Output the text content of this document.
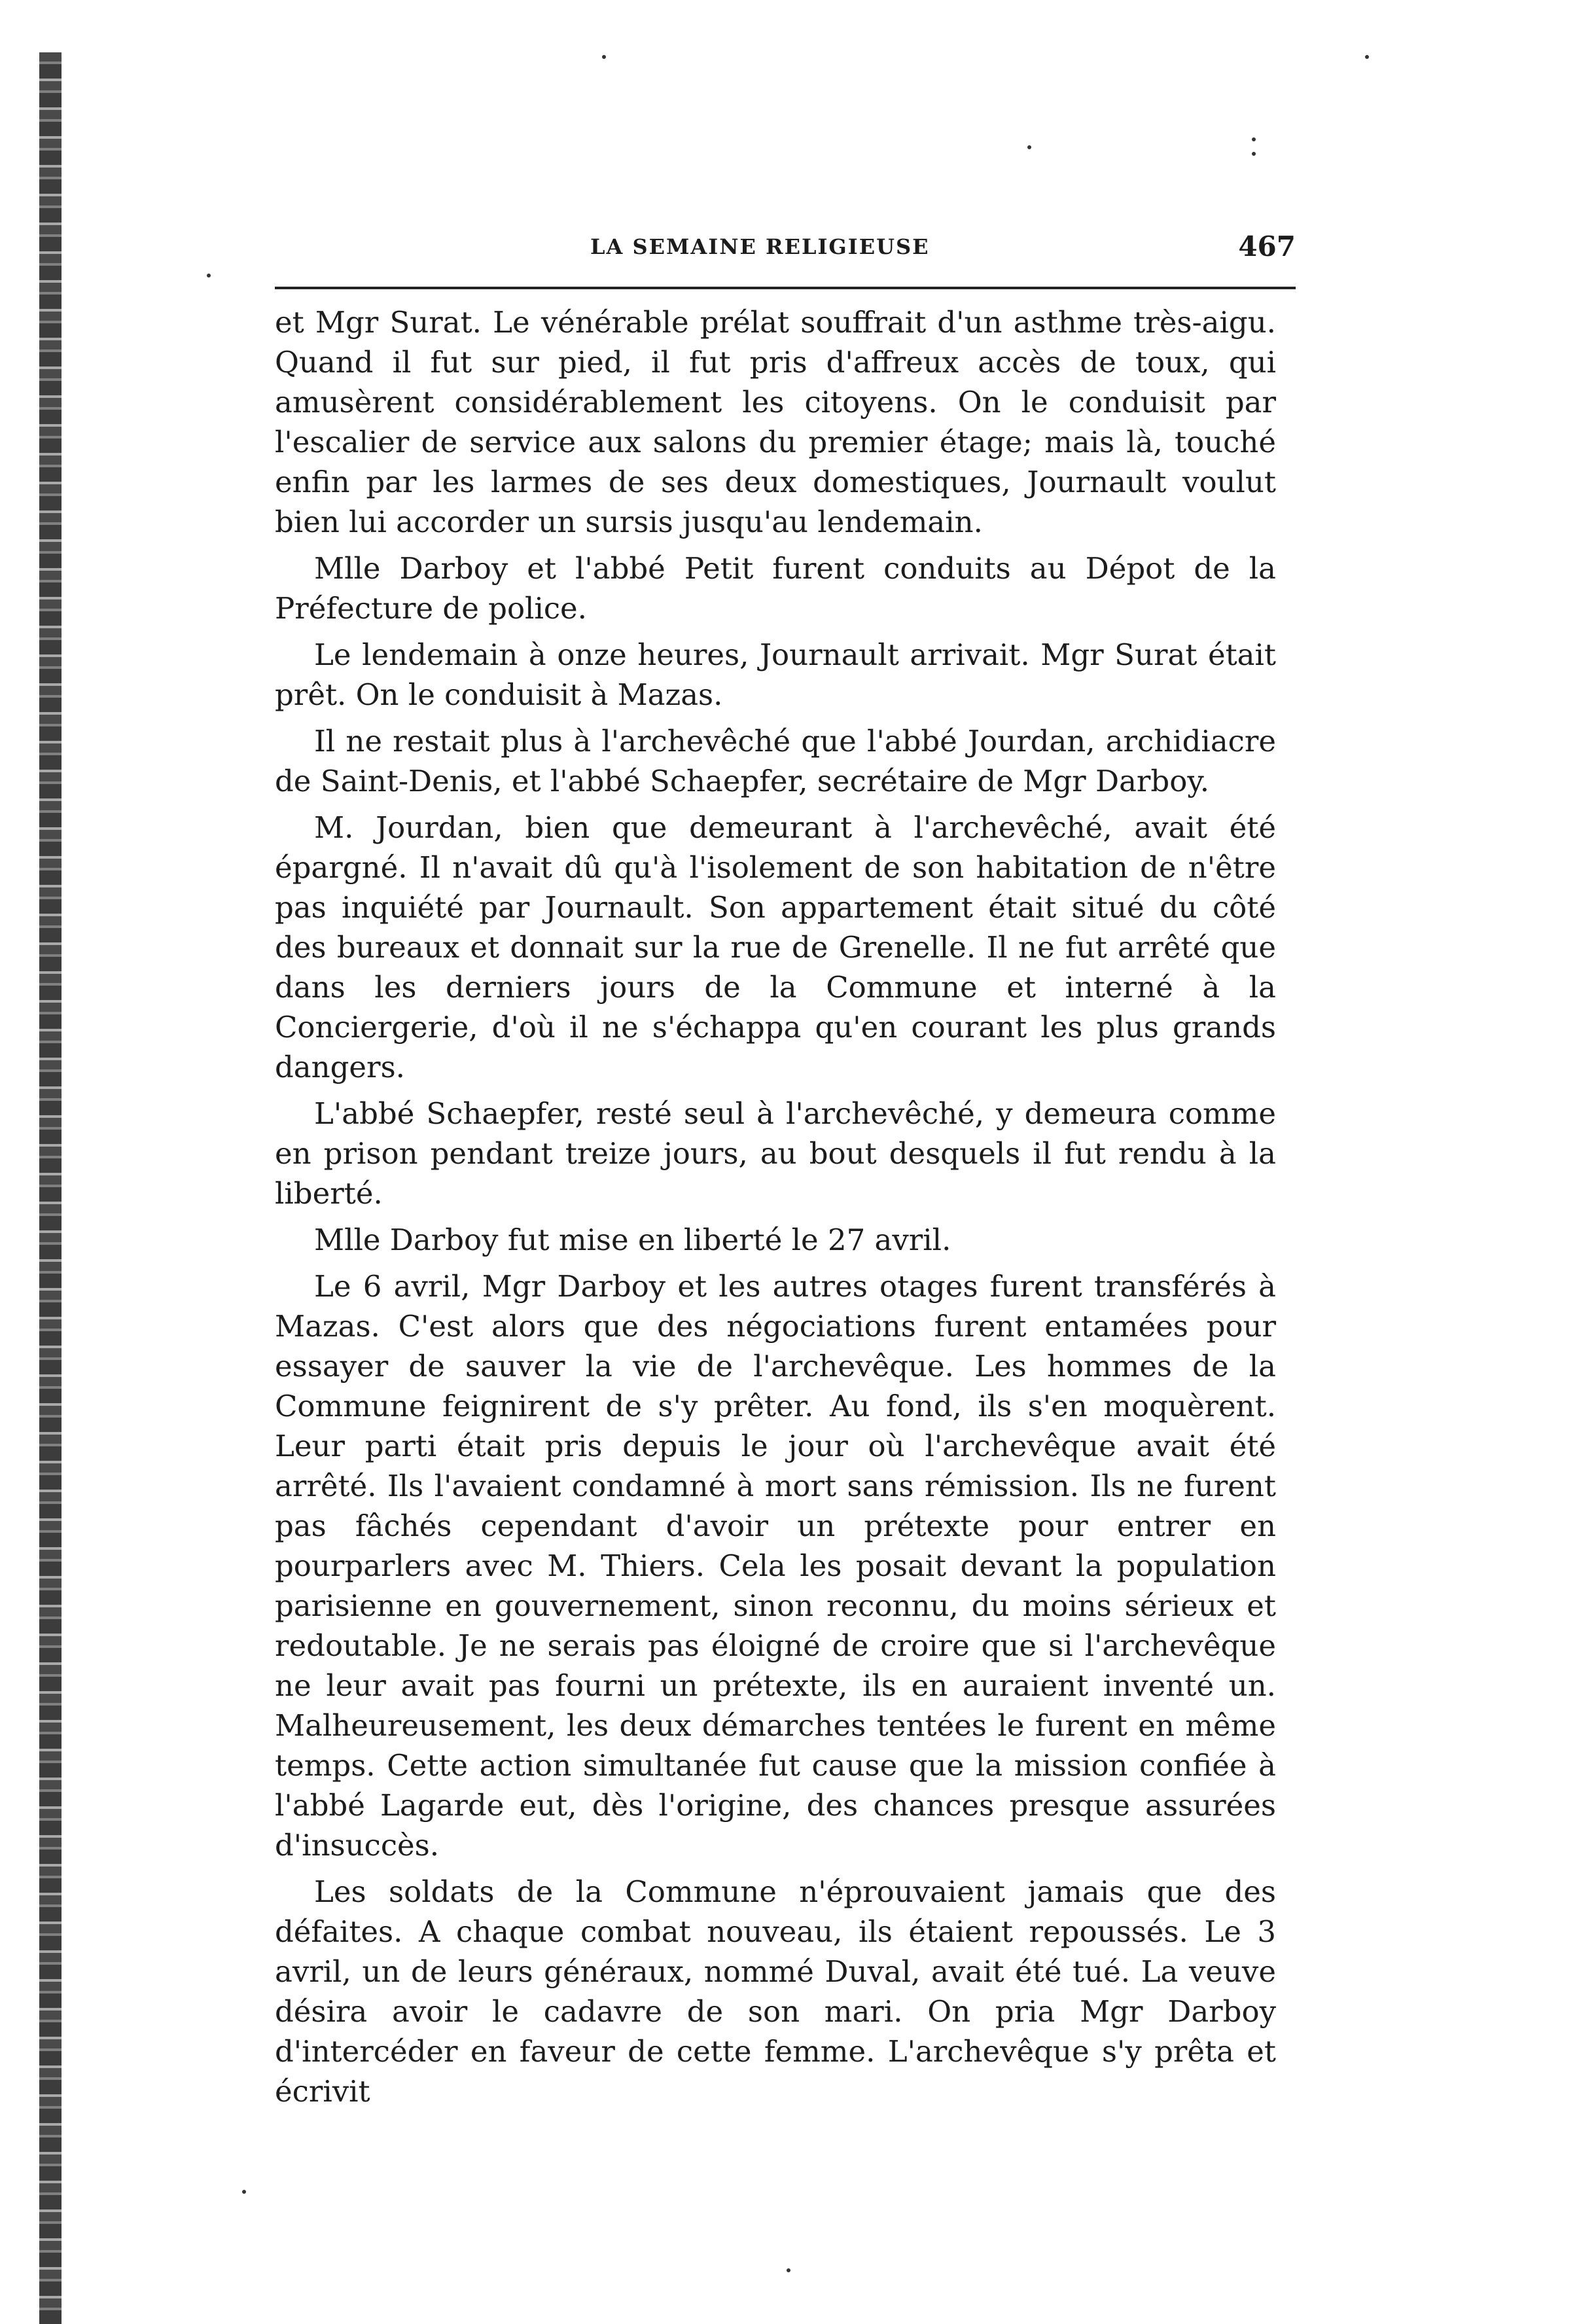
LA SEMAINE RELIGIEUSE	467

et Mgr Surat. Le vénérable prélat souffrait d'un asthme très-aigu. Quand il fut sur pied, il fut pris d'affreux accès de toux, qui amusèrent considérablement les citoyens. On le conduisit par l'escalier de service aux salons du premier étage; mais là, touché enfin par les larmes de ses deux domestiques, Journault voulut bien lui accorder un sursis jusqu'au lendemain.

Mlle Darboy et l'abbé Petit furent conduits au Dépot de la Préfecture de police.

Le lendemain à onze heures, Journault arrivait. Mgr Surat était prêt. On le conduisit à Mazas.

Il ne restait plus à l'archevêché que l'abbé Jourdan, archidiacre de Saint-Denis, et l'abbé Schaepfer, secrétaire de Mgr Darboy.

M. Jourdan, bien que demeurant à l'archevêché, avait été épargné. Il n'avait dû qu'à l'isolement de son habitation de n'être pas inquiété par Journault. Son appartement était situé du côté des bureaux et donnait sur la rue de Grenelle. Il ne fut arrêté que dans les derniers jours de la Commune et interné à la Conciergerie, d'où il ne s'échappa qu'en courant les plus grands dangers.

L'abbé Schaepfer, resté seul à l'archevêché, y demeura comme en prison pendant treize jours, au bout desquels il fut rendu à la liberté.

Mlle Darboy fut mise en liberté le 27 avril.

Le 6 avril, Mgr Darboy et les autres otages furent transférés à Mazas. C'est alors que des négociations furent entamées pour essayer de sauver la vie de l'archevêque. Les hommes de la Commune feignirent de s'y prêter. Au fond, ils s'en moquèrent. Leur parti était pris depuis le jour où l'archevêque avait été arrêté. Ils l'avaient condamné à mort sans rémission. Ils ne furent pas fâchés cependant d'avoir un prétexte pour entrer en pourparlers avec M. Thiers. Cela les posait devant la population parisienne en gouvernement, sinon reconnu, du moins sérieux et redoutable. Je ne serais pas éloigné de croire que si l'archevêque ne leur avait pas fourni un prétexte, ils en auraient inventé un. Malheureusement, les deux démarches tentées le furent en même temps. Cette action simultanée fut cause que la mission confiée à l'abbé Lagarde eut, dès l'origine, des chances presque assurées d'insuccès.

Les soldats de la Commune n'éprouvaient jamais que des défaites. A chaque combat nouveau, ils étaient repoussés. Le 3 avril, un de leurs généraux, nommé Duval, avait été tué. La veuve désira avoir le cadavre de son mari. On pria Mgr Darboy d'intercéder en faveur de cette femme. L'archevêque s'y prêta et écrivit
